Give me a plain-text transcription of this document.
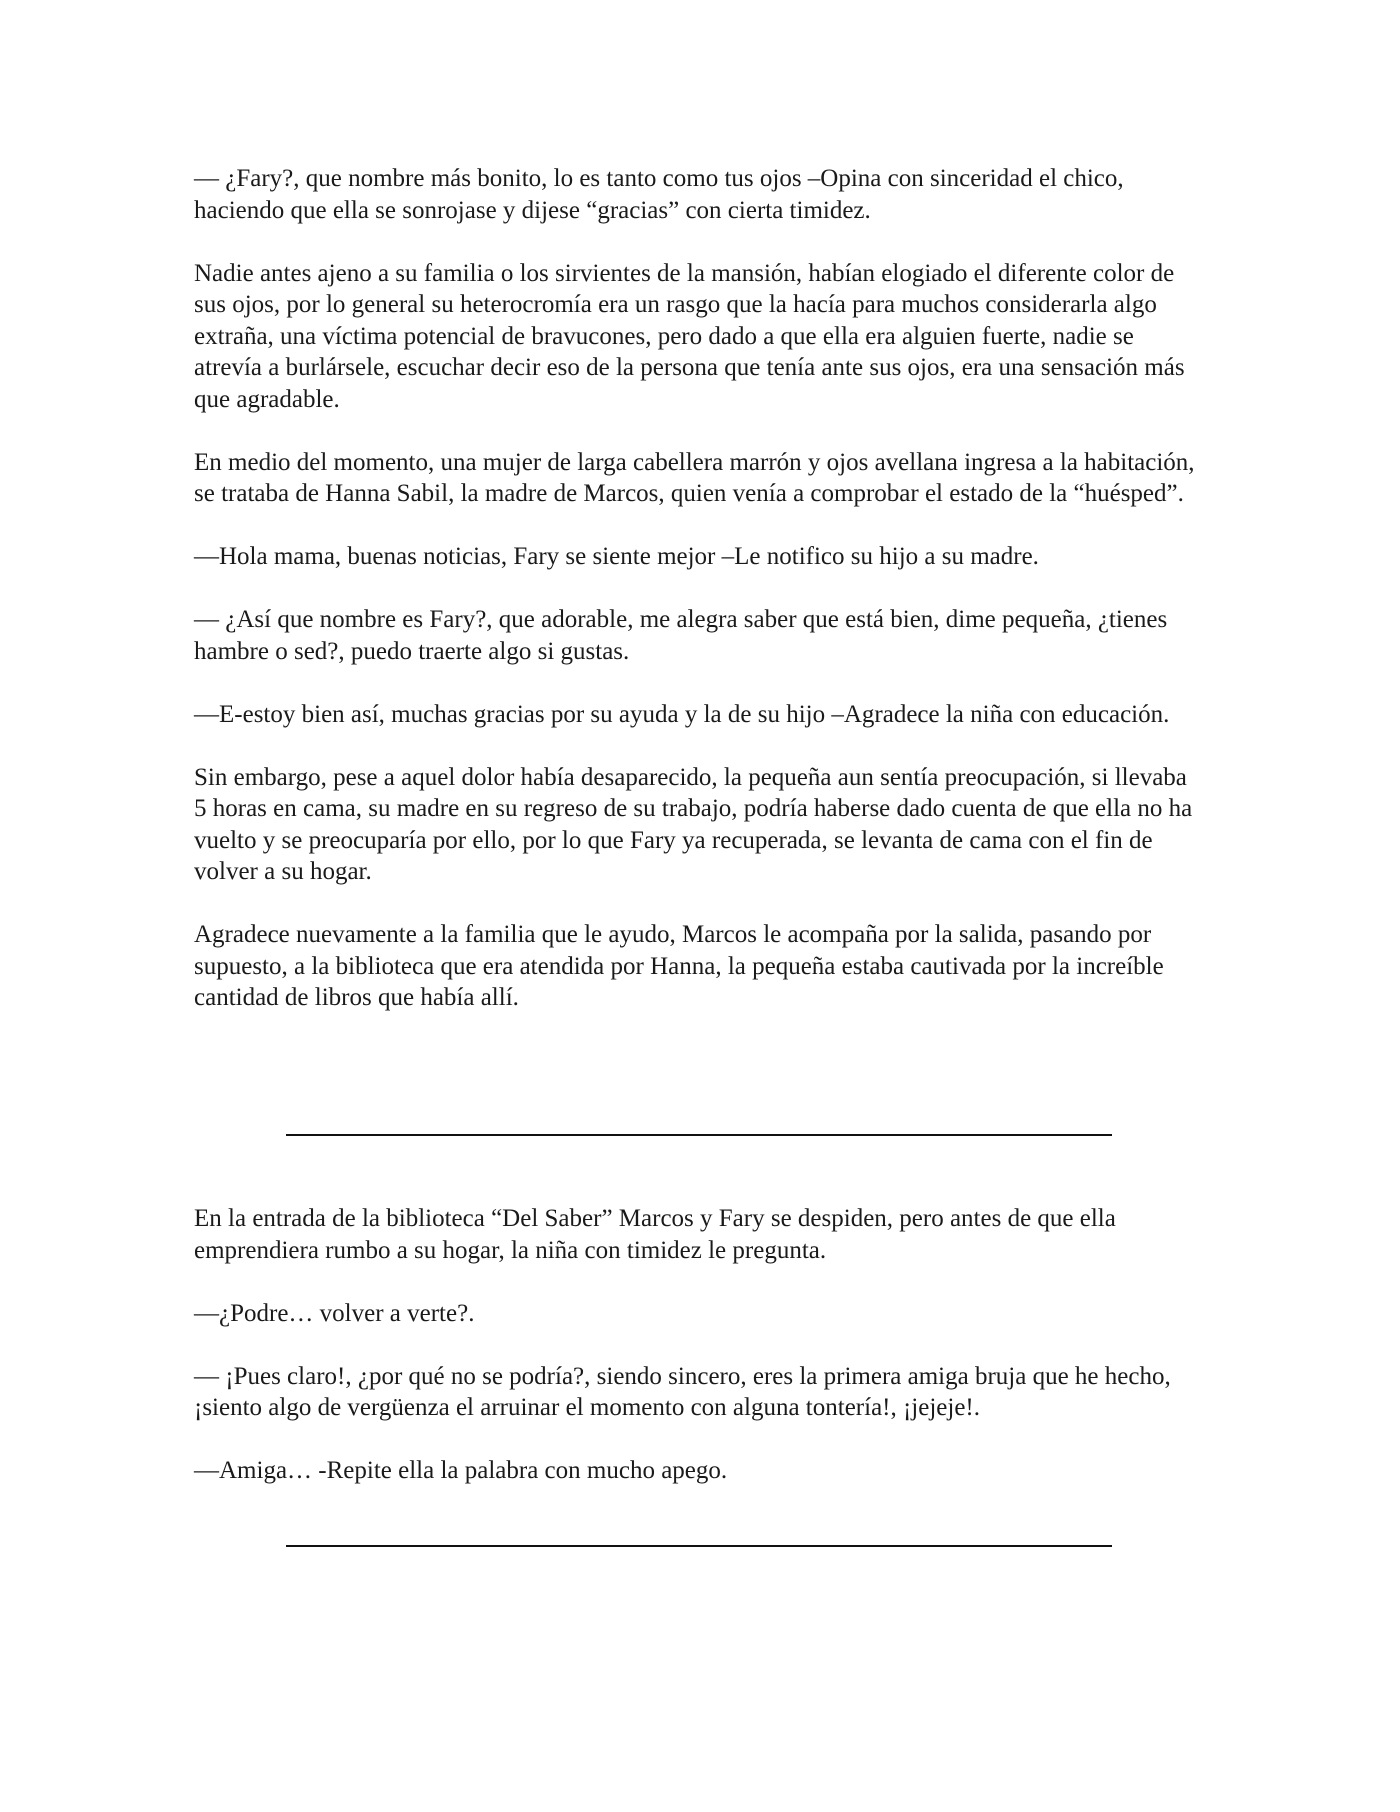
— ¿Fary?, que nombre más bonito, lo es tanto como tus ojos –Opina con sinceridad el chico, haciendo que ella se sonrojase y dijese “gracias” con cierta timidez.

Nadie antes ajeno a su familia o los sirvientes de la mansión, habían elogiado el diferente color de sus ojos, por lo general su heterocromía era un rasgo que la hacía para muchos considerarla algo extraña, una víctima potencial de bravucones, pero dado a que ella era alguien fuerte, nadie se atrevía a burlársele, escuchar decir eso de la persona que tenía ante sus ojos, era una sensación más que agradable.

En medio del momento, una mujer de larga cabellera marrón y ojos avellana ingresa a la habitación, se trataba de Hanna Sabil, la madre de Marcos, quien venía a comprobar el estado de la “huésped”.

—Hola mama, buenas noticias, Fary se siente mejor –Le notifico su hijo a su madre.

— ¿Así que nombre es Fary?, que adorable, me alegra saber que está bien, dime pequeña, ¿tienes hambre o sed?, puedo traerte algo si gustas.

—E-estoy bien así, muchas gracias por su ayuda y la de su hijo –Agradece la niña con educación.

Sin embargo, pese a aquel dolor había desaparecido, la pequeña aun sentía preocupación, si llevaba 5 horas en cama, su madre en su regreso de su trabajo, podría haberse dado cuenta de que ella no ha vuelto y se preocuparía por ello, por lo que Fary ya recuperada, se levanta de cama con el fin de volver a su hogar.

Agradece nuevamente a la familia que le ayudo, Marcos le acompaña por la salida, pasando por supuesto, a la biblioteca que era atendida por Hanna, la pequeña estaba cautivada por la increíble cantidad de libros que había allí.

En la entrada de la biblioteca “Del Saber” Marcos y Fary se despiden, pero antes de que ella emprendiera rumbo a su hogar, la niña con timidez le pregunta.

—¿Podre… volver a verte?.

— ¡Pues claro!, ¿por qué no se podría?, siendo sincero, eres la primera amiga bruja que he hecho, ¡siento algo de vergüenza el arruinar el momento con alguna tontería!, ¡jejeje!.

—Amiga… -Repite ella la palabra con mucho apego.
